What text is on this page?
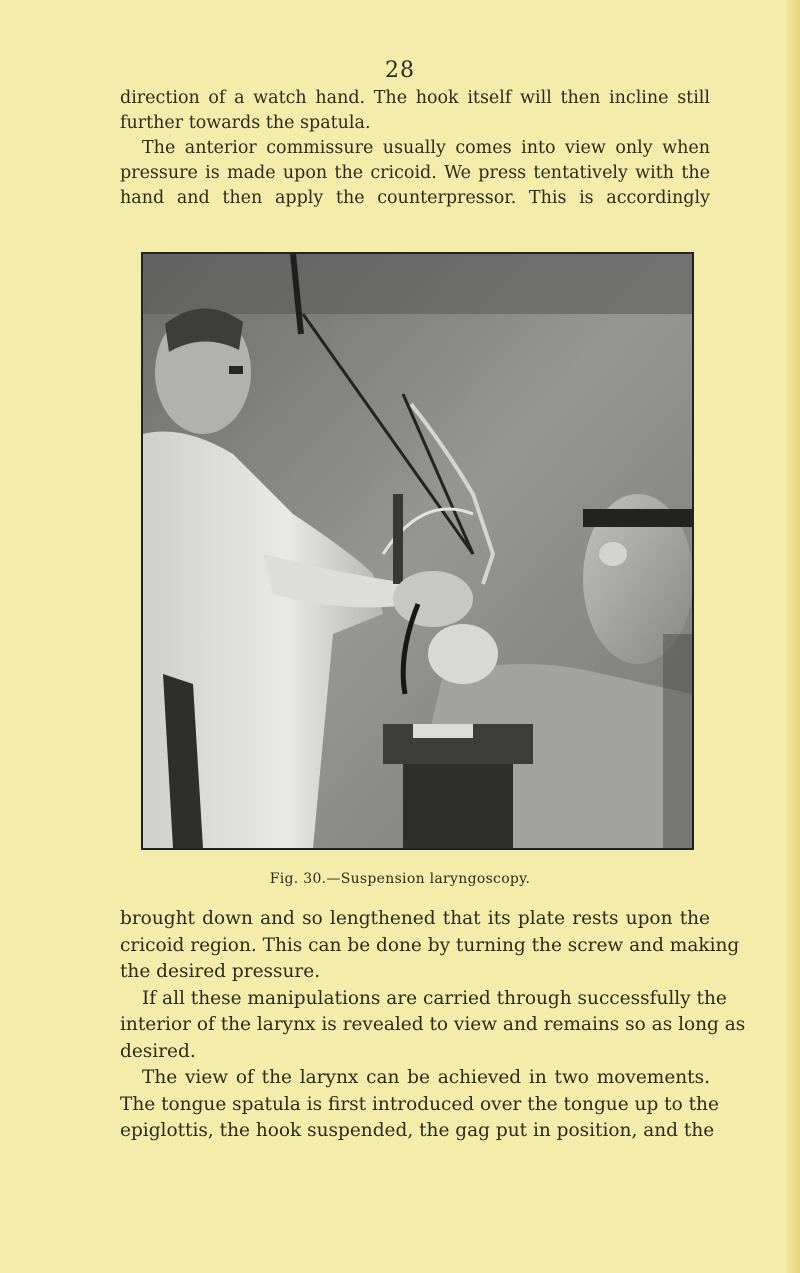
28
direction of a watch hand. The hook itself will then incline still
further towards the spatula.
The anterior commissure usually comes into view only when
pressure is made upon the cricoid. We press tentatively with the
hand and then apply the counterpressor. This is accordingly
Fig. 30.—Suspension laryngoscopy.
brought down and so lengthened that its plate rests upon the
cricoid region. This can be done by turning the screw and making
the desired pressure.
If all these manipulations are carried through successfully the
interior of the larynx is revealed to view and remains so as long as
desired.
The view of the larynx can be achieved in two movements.
The tongue spatula is first introduced over the tongue up to the
epiglottis, the hook suspended, the gag put in position, and the
